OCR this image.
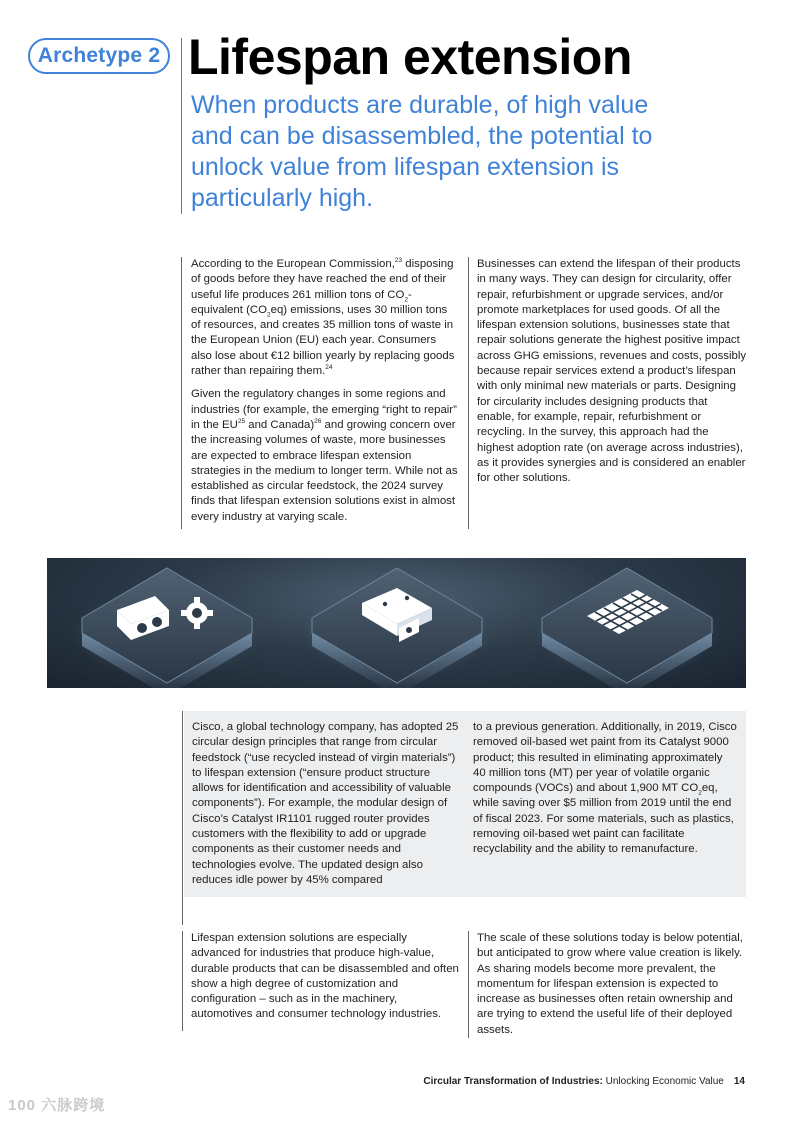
Archetype 2 Lifespan extension
When products are durable, of high value and can be disassembled, the potential to unlock value from lifespan extension is particularly high.

According to the European Commission,$^{23}$ disposing of goods before they have reached the end of their useful life produces 261 million tons of $CO_2$-equivalent $(CO_2eq)$ emissions, uses 30 million tons of resources, and creates 35 million tons of waste in the European Union (EU) each year. Consumers also lose about €12 billion yearly by replacing goods rather than repairing them.$^{24}$

Given the regulatory changes in some regions and industries (for example, the emerging “right to repair” in the EU$^{25}$ and Canada)$^{26}$ and growing concern over the increasing volumes of waste, more businesses are expected to embrace lifespan extension strategies in the medium to longer term. While not as established as circular feedstock, the 2024 survey finds that lifespan extension solutions exist in almost every industry at varying scale.

Businesses can extend the lifespan of their products in many ways. They can design for circularity, offer repair, refurbishment or upgrade services, and/or promote marketplaces for used goods. Of all the lifespan extension solutions, businesses state that repair solutions generate the highest positive impact across GHG emissions, revenues and costs, possibly because repair services extend a product’s lifespan with only minimal new materials or parts. Designing for circularity includes designing products that enable, for example, repair, refurbishment or recycling. In the survey, this approach had the highest adoption rate (on average across industries), as it provides synergies and is considered an enabler for other solutions.

Cisco, a global technology company, has adopted 25 circular design principles that range from circular feedstock (“use recycled instead of virgin materials”) to lifespan extension (“ensure product structure allows for identification and accessibility of valuable components”). For example, the modular design of Cisco’s Catalyst IR1101 rugged router provides customers with the flexibility to add or upgrade components as their customer needs and technologies evolve. The updated design also reduces idle power by 45% compared

to a previous generation. Additionally, in 2019, Cisco removed oil-based wet paint from its Catalyst 9000 product; this resulted in eliminating approximately 40 million tons (MT) per year of volatile organic compounds (VOCs) and about 1,900 MT $CO_2eq$, while saving over $5 million from 2019 until the end of fiscal 2023. For some materials, such as plastics, removing oil-based wet paint can facilitate recyclability and the ability to remanufacture.

Lifespan extension solutions are especially advanced for industries that produce high-value, durable products that can be disassembled and often show a high degree of customization and configuration – such as in the machinery, automotives and consumer technology industries.

The scale of these solutions today is below potential, but anticipated to grow where value creation is likely. As sharing models become more prevalent, the momentum for lifespan extension is expected to increase as businesses often retain ownership and are trying to extend the useful life of their deployed assets.

Circular Transformation of Industries: Unlocking Economic Value 14
100 六脉跨境
